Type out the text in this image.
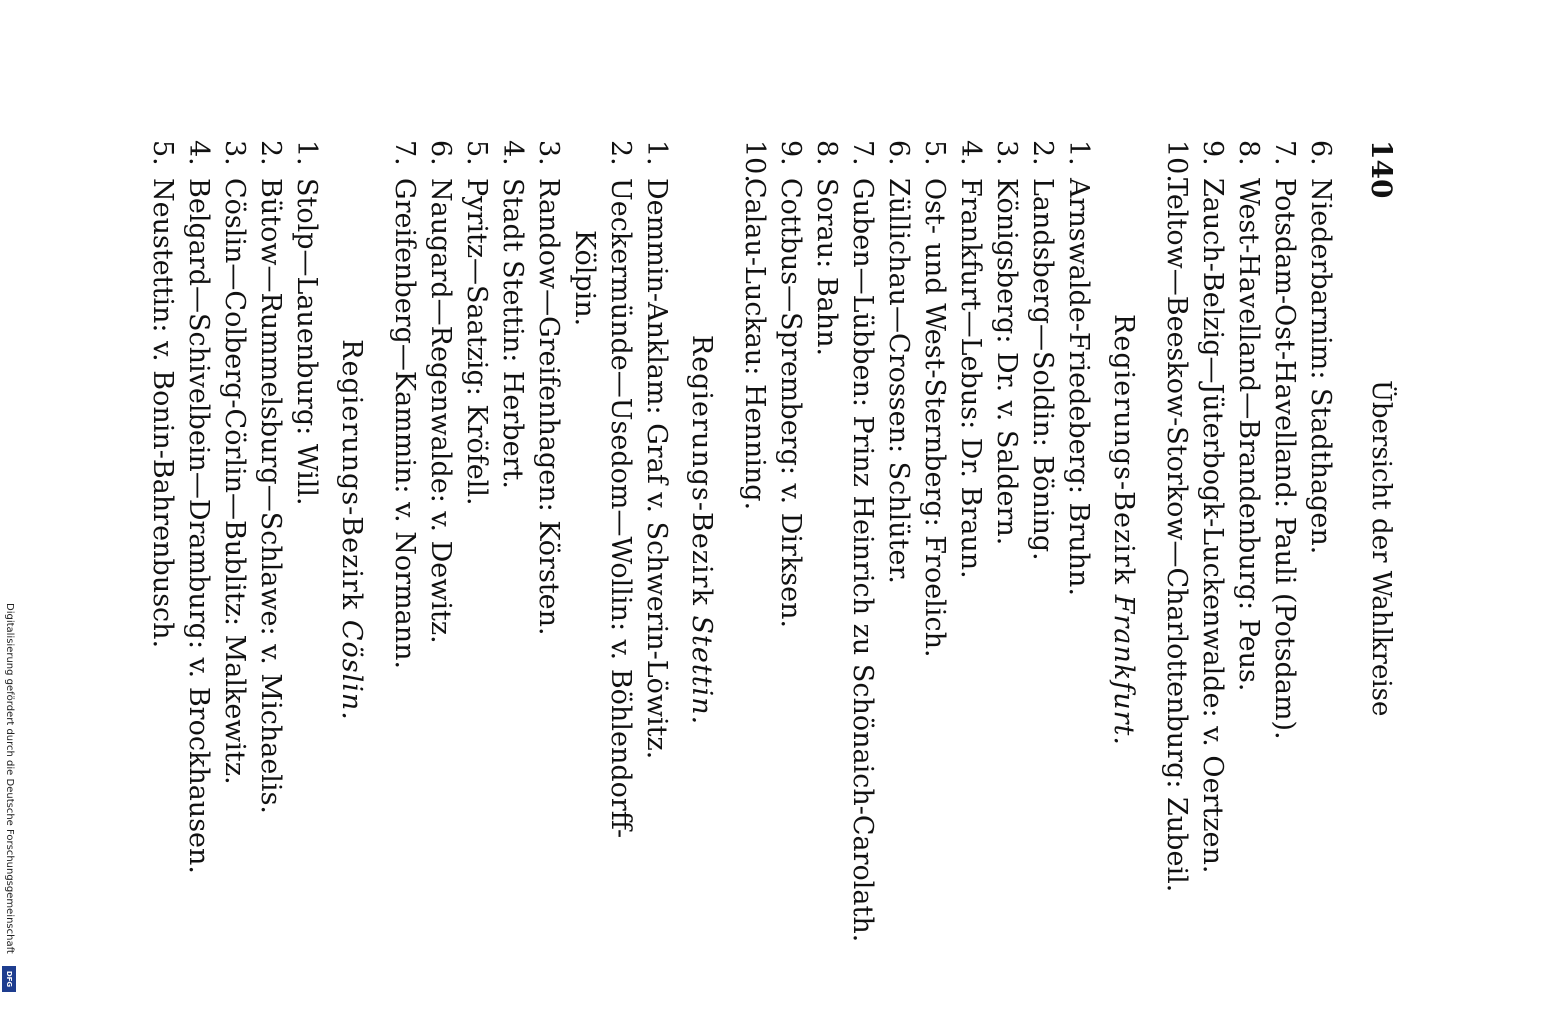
140
Übersicht der Wahlkreise
6.Niederbarnim: Stadthagen.
7.Potsdam-Ost-Havelland: Pauli (Potsdam).
8.West-Havelland—Brandenburg: Peus.
9.Zauch-Belzig—Jüterbogk-Luckenwalde: v. Oertzen.
10.Teltow—Beeskow-Storkow—Charlottenburg: Zubeil.
Regierungs-Bezirk Frankfurt.
1.Arnswalde-Friedeberg: Bruhn.
2.Landsberg—Soldin: Böning.
3.Königsberg: Dr. v. Saldern.
4.Frankfurt—Lebus: Dr. Braun.
5.Ost- und West-Sternberg: Froelich.
6.Züllichau—Crossen: Schlüter.
7.Guben—Lübben: Prinz Heinrich zu Schönaich-Carolath.
8.Sorau: Bahn.
9.Cottbus—Spremberg: v. Dirksen.
10.Calau-Luckau: Henning.
Regierungs-Bezirk Stettin.
1.Demmin-Anklam: Graf v. Schwerin-Löwitz.
2.Ueckermünde—Usedom—Wollin: v. Böhlendorff-
Kölpin.
3.Randow—Greifenhagen: Körsten.
4.Stadt Stettin: Herbert.
5.Pyritz—Saatzig: Kröfell.
6.Naugard—Regenwalde: v. Dewitz.
7.Greifenberg—Kammin: v. Normann.
Regierungs-Bezirk Cöslin.
1.Stolp—Lauenburg: Will.
2.Bütow—Rummelsburg—Schlawe: v. Michaelis.
3.Cöslin—Colberg-Cörlin—Bublitz: Malkewitz.
4.Belgard—Schivelbein—Dramburg: v. Brockhausen.
5.Neustettin: v. Bonin-Bahrenbusch.
Digitalisierung gefördert durch die Deutsche Forschungsgemeinschaft
DFG
